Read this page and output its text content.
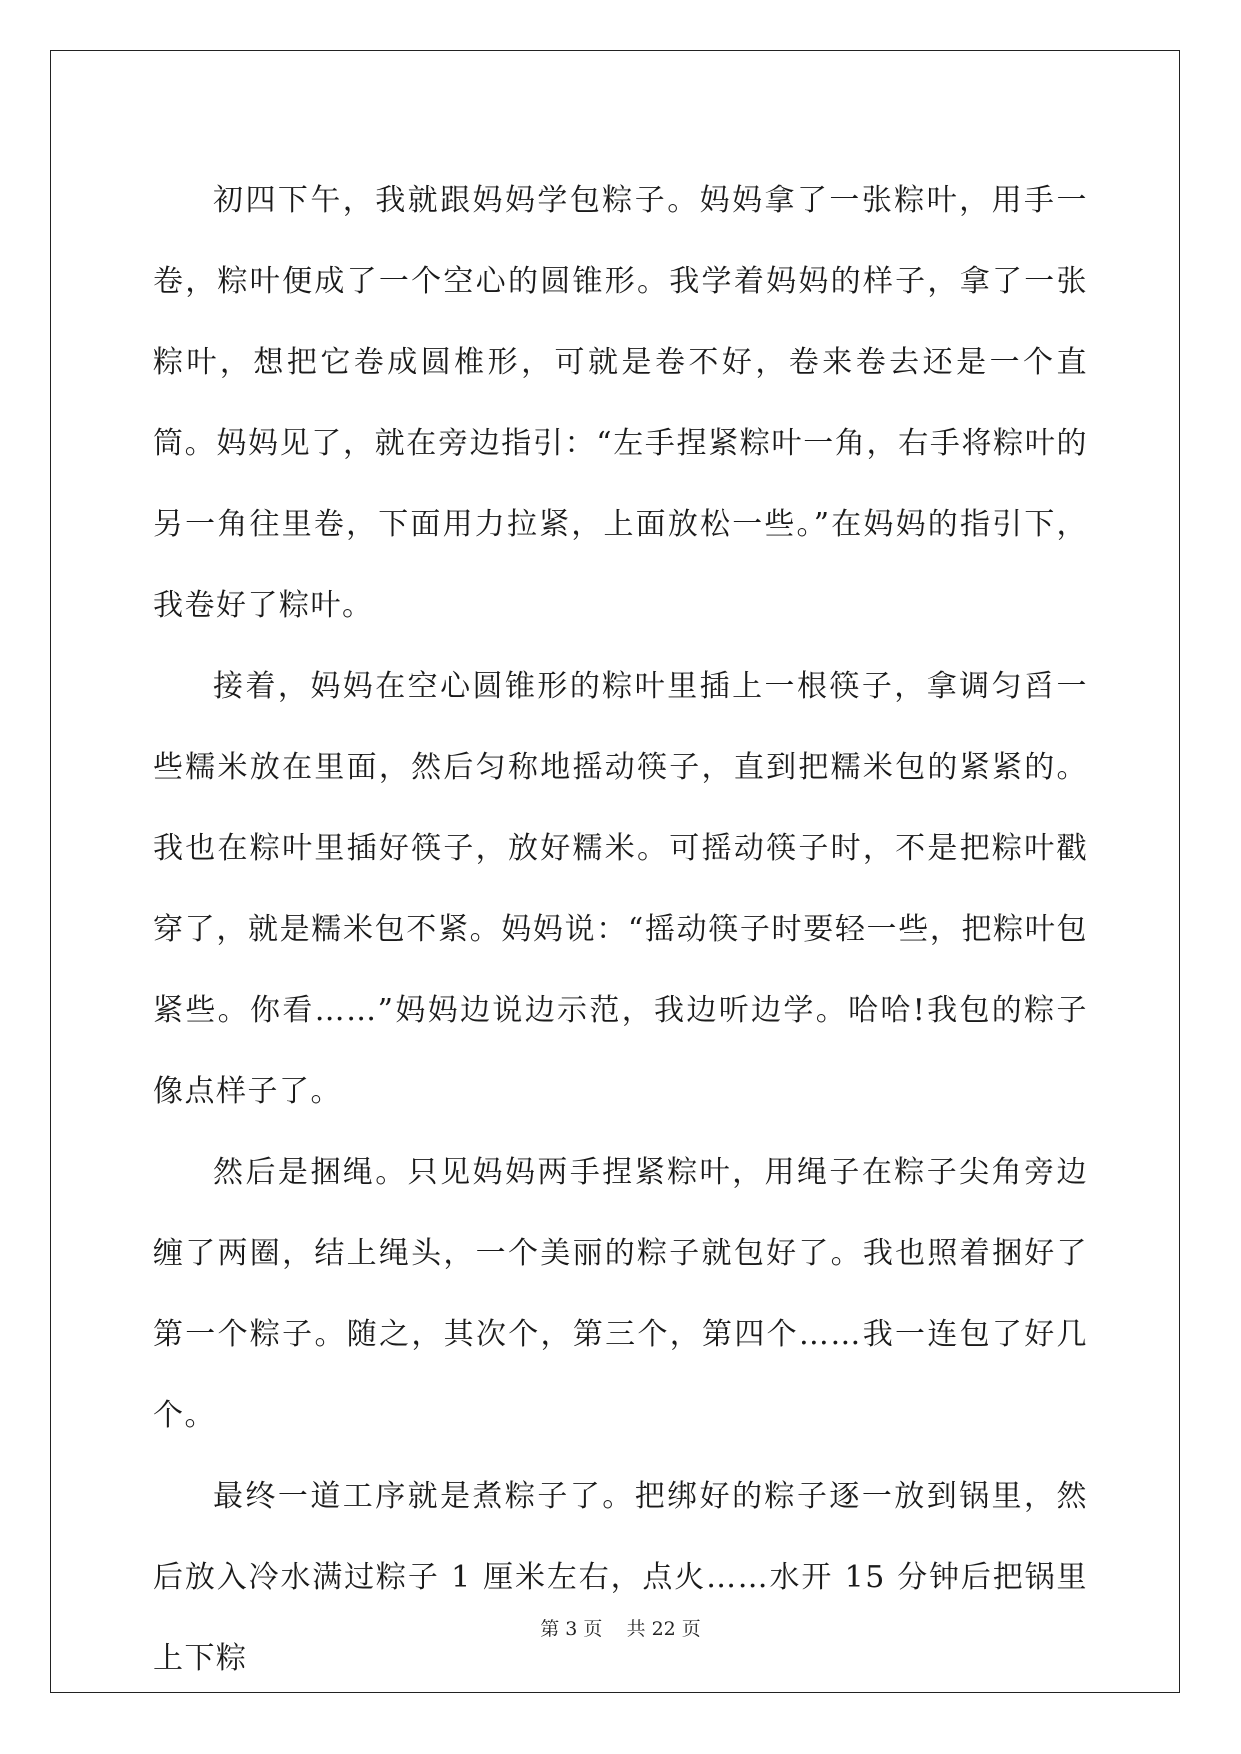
初四下午，我就跟妈妈学包粽子。妈妈拿了一张粽叶，用手一卷，粽叶便成了一个空心的圆锥形。我学着妈妈的样子，拿了一张粽叶，想把它卷成圆椎形，可就是卷不好，卷来卷去还是一个直筒。妈妈见了，就在旁边指引：“左手捏紧粽叶一角，右手将粽叶的另一角往里卷，下面用力拉紧，上面放松一些。”在妈妈的指引下，我卷好了粽叶。

接着，妈妈在空心圆锥形的粽叶里插上一根筷子，拿调匀舀一些糯米放在里面，然后匀称地摇动筷子，直到把糯米包的紧紧的。我也在粽叶里插好筷子，放好糯米。可摇动筷子时，不是把粽叶戳穿了，就是糯米包不紧。妈妈说：“摇动筷子时要轻一些，把粽叶包紧些。你看……”妈妈边说边示范，我边听边学。哈哈!我包的粽子像点样子了。

然后是捆绳。只见妈妈两手捏紧粽叶，用绳子在粽子尖角旁边缠了两圈，结上绳头，一个美丽的粽子就包好了。我也照着捆好了第一个粽子。随之，其次个，第三个，第四个……我一连包了好几个。

最终一道工序就是煮粽子了。把绑好的粽子逐一放到锅里，然后放入冷水满过粽子 1 厘米左右，点火……水开 15 分钟后把锅里上下粽

第 3 页 共 22 页
